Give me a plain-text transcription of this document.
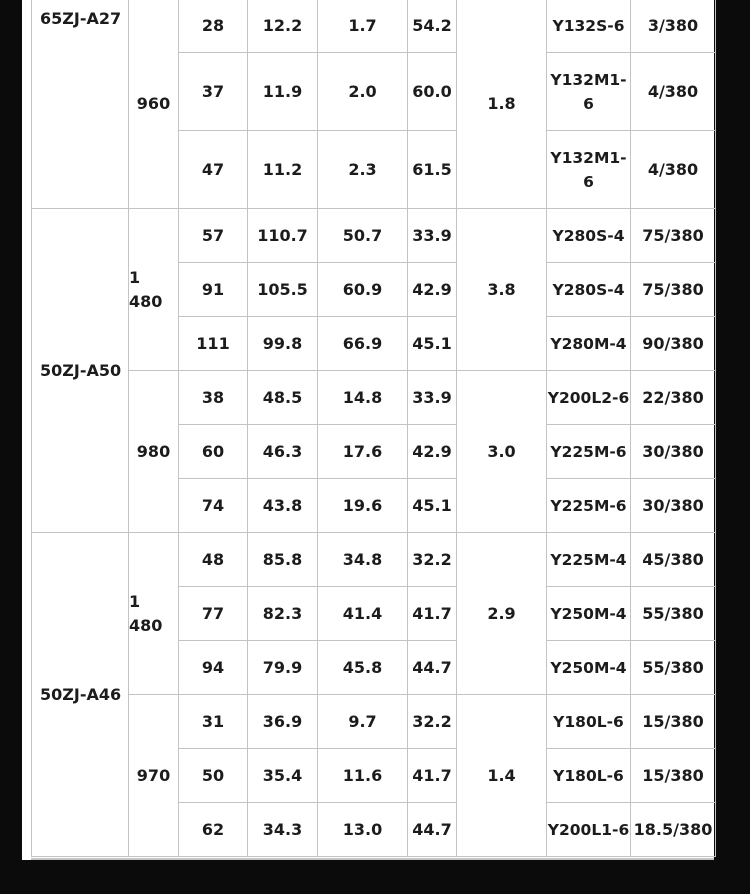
65ZJ-A27	960	28	12.2	1.7	54.2	1.8	Y132S-6	3/380
		37	11.9	2.0	60.0		Y132M1-6	4/380
		47	11.2	2.3	61.5		Y132M1-6	4/380
50ZJ-A50	1 480	57	110.7	50.7	33.9	3.8	Y280S-4	75/380
		91	105.5	60.9	42.9		Y280S-4	75/380
		111	99.8	66.9	45.1		Y280M-4	90/380
	980	38	48.5	14.8	33.9	3.0	Y200L2-6	22/380
		60	46.3	17.6	42.9		Y225M-6	30/380
		74	43.8	19.6	45.1		Y225M-6	30/380
50ZJ-A46	1 480	48	85.8	34.8	32.2	2.9	Y225M-4	45/380
		77	82.3	41.4	41.7		Y250M-4	55/380
		94	79.9	45.8	44.7		Y250M-4	55/380
	970	31	36.9	9.7	32.2	1.4	Y180L-6	15/380
		50	35.4	11.6	41.7		Y180L-6	15/380
		62	34.3	13.0	44.7		Y200L1-6	18.5/380
